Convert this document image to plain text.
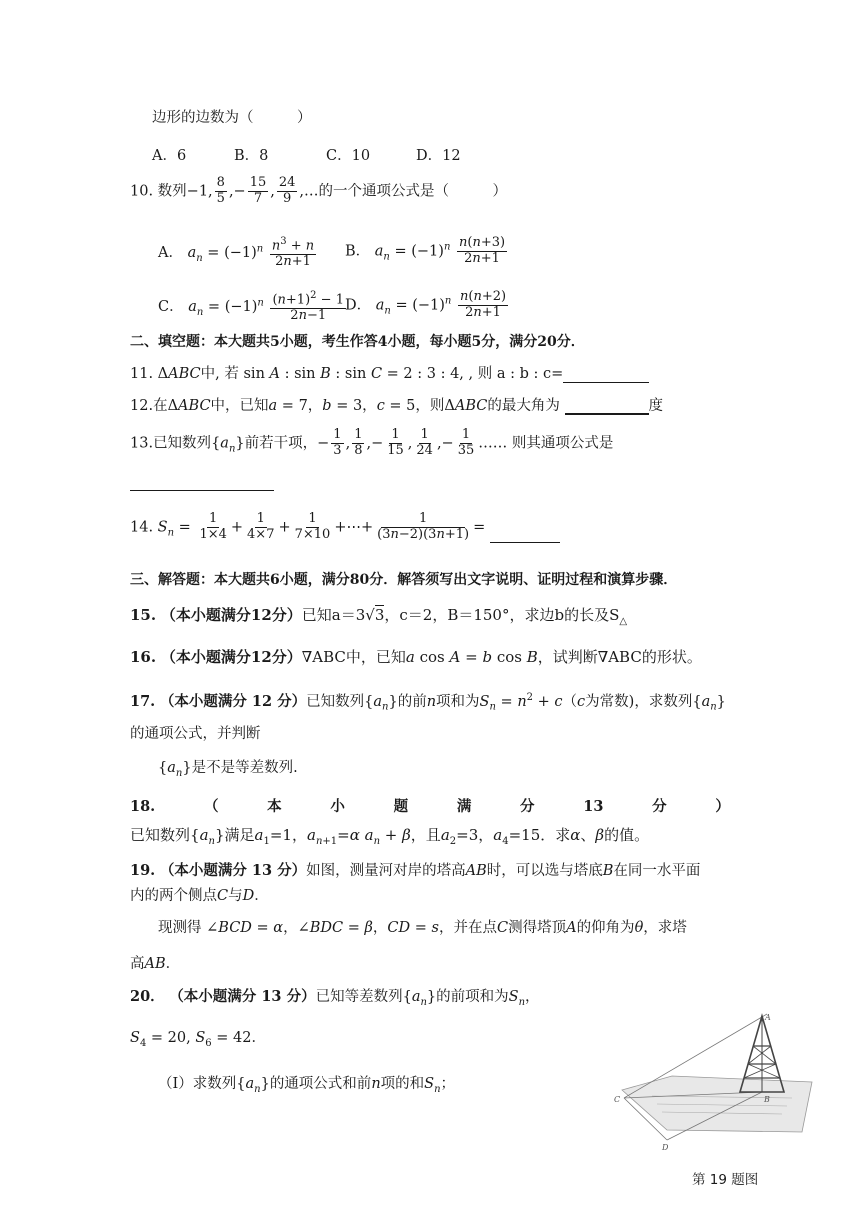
边形的边数为（　　　）
A．6	B．8	C．10	D．12
10. 数列−1, $\frac{8}{5}$ ,− $\frac{15}{7}$ , $\frac{24}{9}$ ,…的一个通项公式是（　　　）
A． $a_n = (-1)^n \frac{n^3 + n}{2n+1}$ B． $a_n = (-1)^n \frac{n(n+3)}{2n+1}$
C． $a_n = (-1)^n \frac{(n+1)^2 - 1}{2n-1}$ D． $a_n = (-1)^n \frac{n(n+2)}{2n+1}$
二、填空题：本大题共5小题，考生作答4小题，每小题5分，满分20分．
11. ΔABC中, 若 sin A : sin B : sin C = 2 : 3 : 4, , 则 a : b : c=
12.在ΔABC中，已知a = 7，b = 3，c = 5，则ΔABC的最大角为	度
13.已知数列$\{a_n\}$前若干项，− $\frac{1}{3}$ , $\frac{1}{8}$ ,− $\frac{1}{15}$ , $\frac{1}{24}$ ,− $\frac{1}{35}$ …… 则其通项公式是
14. $S_n = \frac{1}{1\times 4} + \frac{1}{4\times 7} + \frac{1}{7\times 10}$ +⋯+ $\frac{1}{(3n-2)(3n+1)}$ =
三、解答题：本大题共6小题，满分80分．解答须写出文字说明、证明过程和演算步骤．
15. （本小题满分12分）已知a＝3√3，c＝2，B＝150°，求边b的长及$S_\triangle$
16. （本小题满分12分）∇ABC中，已知a cos A = b cos B，试判断∇ABC的形状。
17. （本小题满分 12 分）已知数列$\{a_n\}$的前n项和为$S_n = n^2 + c(c$为常数)，求数列$\{a_n\}$
的通项公式，并判断
$\{a_n\}$是不是等差数列.
18.	（	本	小	题	满	分	13	分	）
已知数列$\{a_n\}$满足$a_1=1$，$a_{n+1}=\alpha$ $a_n + \beta$，且$a_2=3$，$a_4=15$．求α、β的值。
19. （本小题满分 13 分）如图，测量河对岸的塔高AB时，可以选与塔底B在同一水平面
内的两个侧点C与D．
现测得 ∠BCD = α，∠BDC = β，CD = s，并在点C测得塔顶A的仰角为θ，求塔
高AB．
20． （本小题满分 13 分）已知等差数列$\{a_n\}$的前项和为$S_n$，
$S_4 = 20$, $S_6 = 42$．
（Ⅰ）求数列$\{a_n\}$的通项公式和前n项的和$S_n$；
A
B
C
D
第 19 题图
